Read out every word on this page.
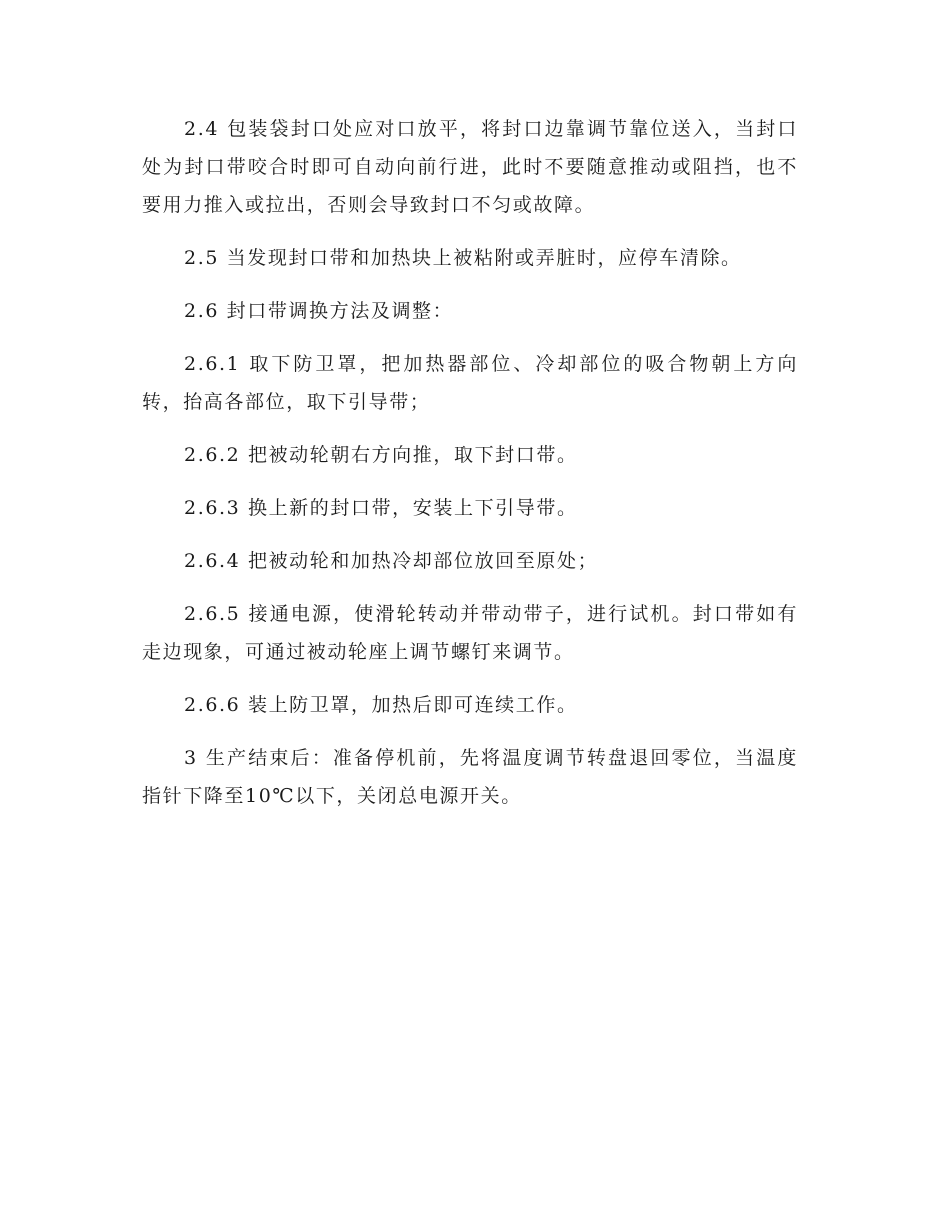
2.4 包装袋封口处应对口放平，将封口边靠调节靠位送入，当封口处为封口带咬合时即可自动向前行进，此时不要随意推动或阻挡，也不要用力推入或拉出，否则会导致封口不匀或故障。

2.5 当发现封口带和加热块上被粘附或弄脏时，应停车清除。

2.6 封口带调换方法及调整：

2.6.1 取下防卫罩，把加热器部位、冷却部位的吸合物朝上方向转，抬高各部位，取下引导带；

2.6.2 把被动轮朝右方向推，取下封口带。

2.6.3 换上新的封口带，安装上下引导带。

2.6.4 把被动轮和加热冷却部位放回至原处；

2.6.5 接通电源，使滑轮转动并带动带子，进行试机。封口带如有走边现象，可通过被动轮座上调节螺钉来调节。

2.6.6 装上防卫罩，加热后即可连续工作。

3 生产结束后：准备停机前，先将温度调节转盘退回零位，当温度指针下降至10℃以下，关闭总电源开关。
